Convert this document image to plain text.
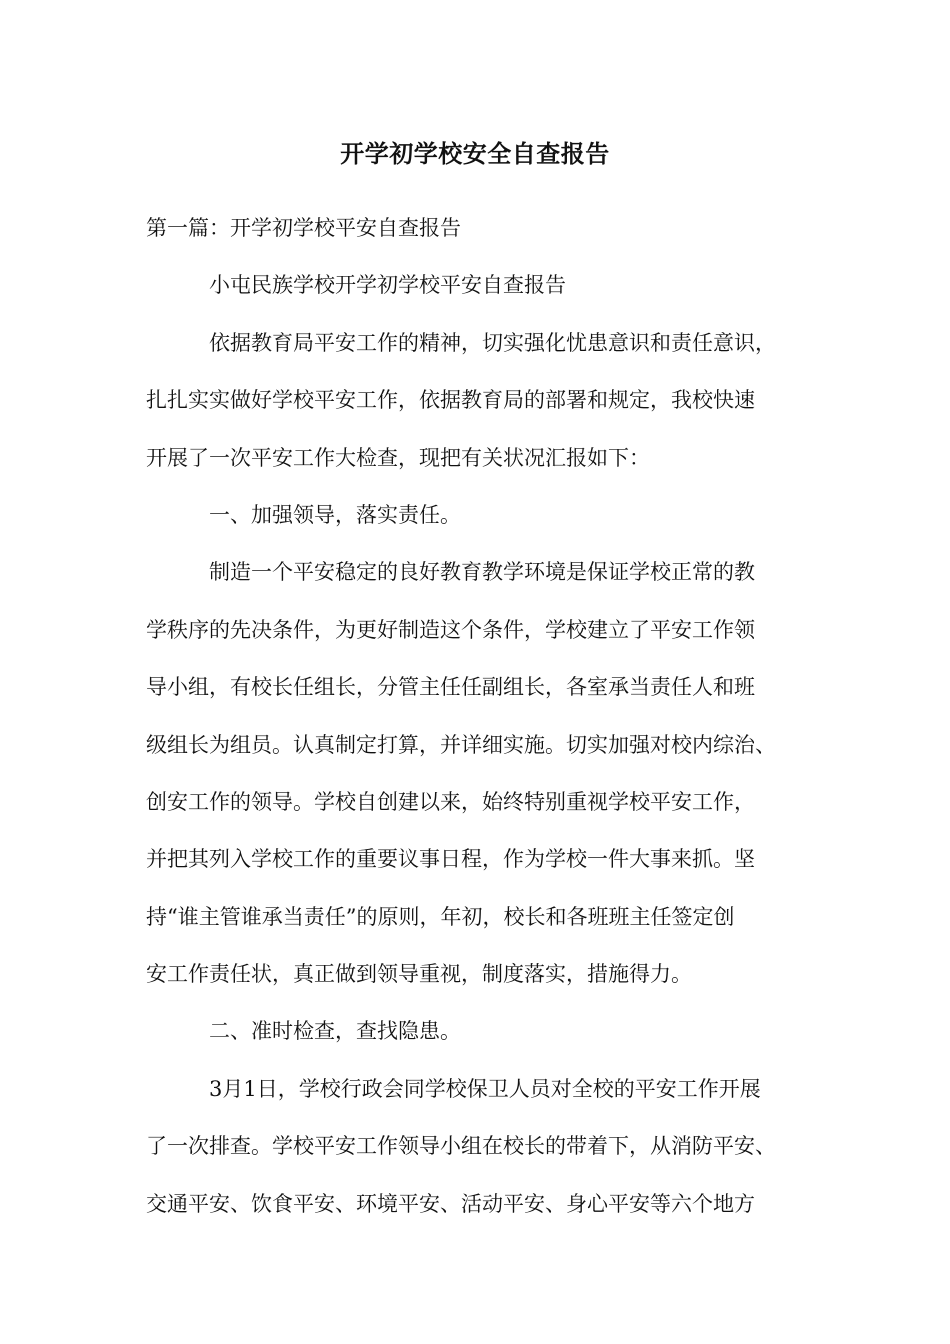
开学初学校安全自查报告
第一篇：开学初学校平安自查报告
小屯民族学校开学初学校平安自查报告
依据教育局平安工作的精神，切实强化忧患意识和责任意识，
扎扎实实做好学校平安工作，依据教育局的部署和规定，我校快速
开展了一次平安工作大检查，现把有关状况汇报如下：
一、加强领导，落实责任。
制造一个平安稳定的良好教育教学环境是保证学校正常的教
学秩序的先决条件，为更好制造这个条件，学校建立了平安工作领
导小组，有校长任组长，分管主任任副组长，各室承当责任人和班
级组长为组员。认真制定打算，并详细实施。切实加强对校内综治、
创安工作的领导。学校自创建以来，始终特别重视学校平安工作，
并把其列入学校工作的重要议事日程，作为学校一件大事来抓。坚
持“谁主管谁承当责任”的原则，年初，校长和各班班主任签定创
安工作责任状，真正做到领导重视，制度落实，措施得力。
二、准时检查，查找隐患。
3月1日，学校行政会同学校保卫人员对全校的平安工作开展
了一次排查。学校平安工作领导小组在校长的带着下，从消防平安、
交通平安、饮食平安、环境平安、活动平安、身心平安等六个地方
